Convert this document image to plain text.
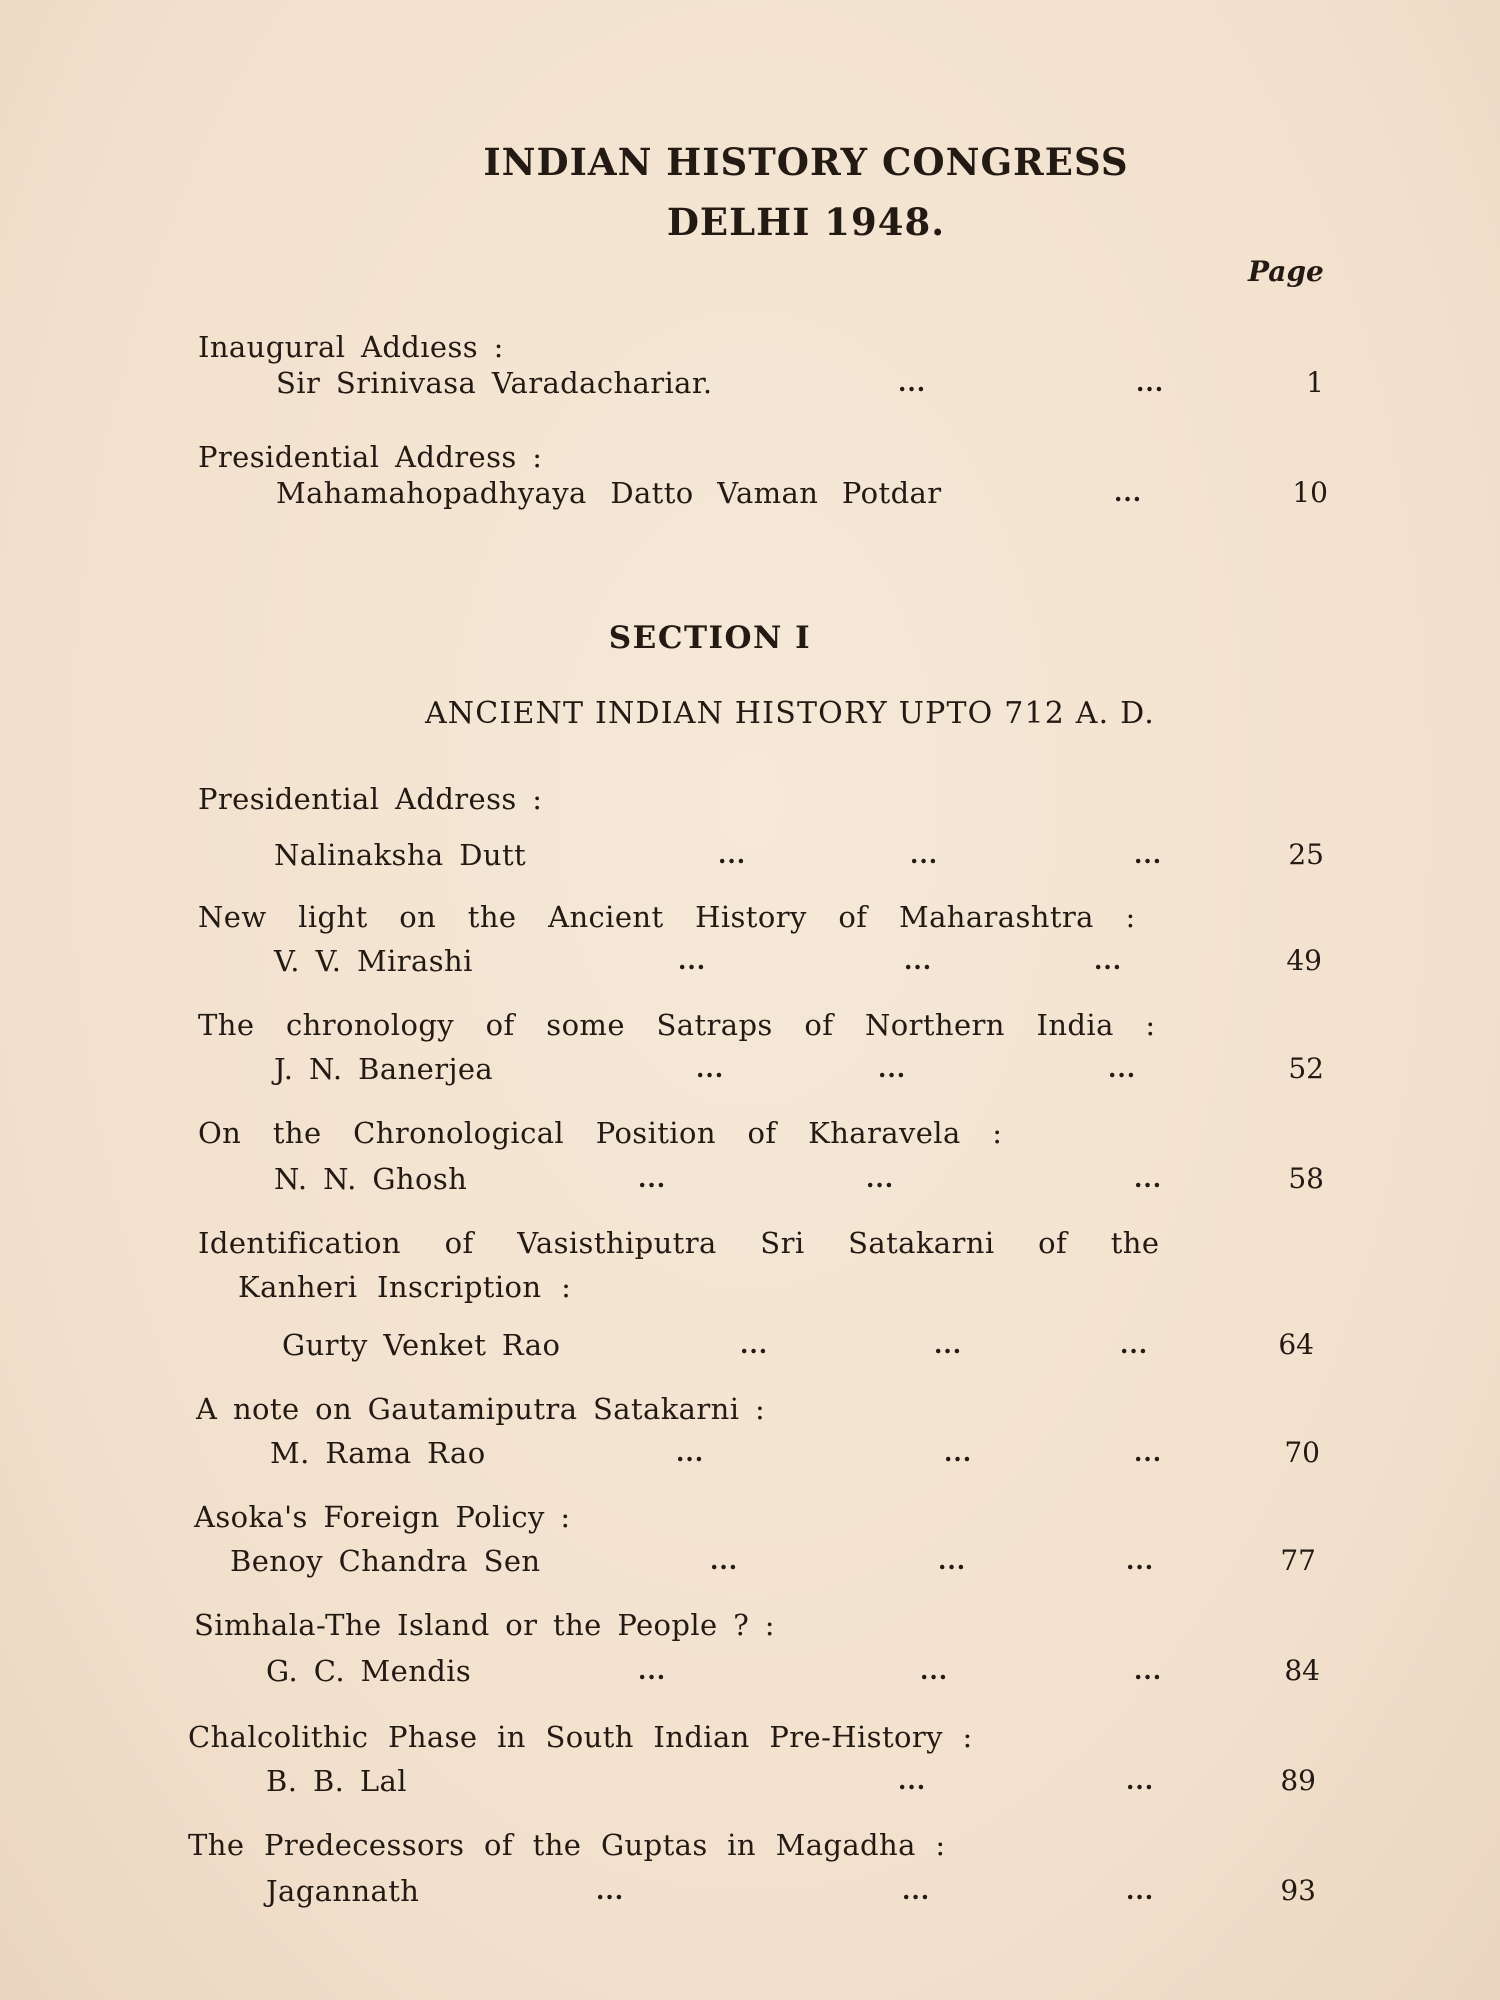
INDIAN HISTORY CONGRESS
DELHI 1948.
Page
Inaugural Addıess :
Sir Srinivasa Varadachariar.	...	...	1
Presidential Address :
Mahamahopadhyaya Datto Vaman Potdar	...	10
SECTION I
ANCIENT INDIAN HISTORY UPTO 712 A. D.
Presidential Address :
Nalinaksha Dutt	...	...	...	25
New light on the Ancient History of Maharashtra :
V. V. Mirashi	...	...	...	49
The chronology of some Satraps of Northern India :
J. N. Banerjea	...	...	...	52
On the Chronological Position of Kharavela :
N. N. Ghosh	...	...	...	58
Identification of Vasisthiputra Sri Satakarni of the
Kanheri Inscription :
Gurty Venket Rao	...	...	...	64
A note on Gautamiputra Satakarni :
M. Rama Rao	...	...	...	70
Asoka's Foreign Policy :
Benoy Chandra Sen	...	...	...	77
Simhala-The Island or the People ? :
G. C. Mendis	...	...	...	84
Chalcolithic Phase in South Indian Pre-History :
B. B. Lal	...	...	89
The Predecessors of the Guptas in Magadha :
Jagannath	...	...	...	93
